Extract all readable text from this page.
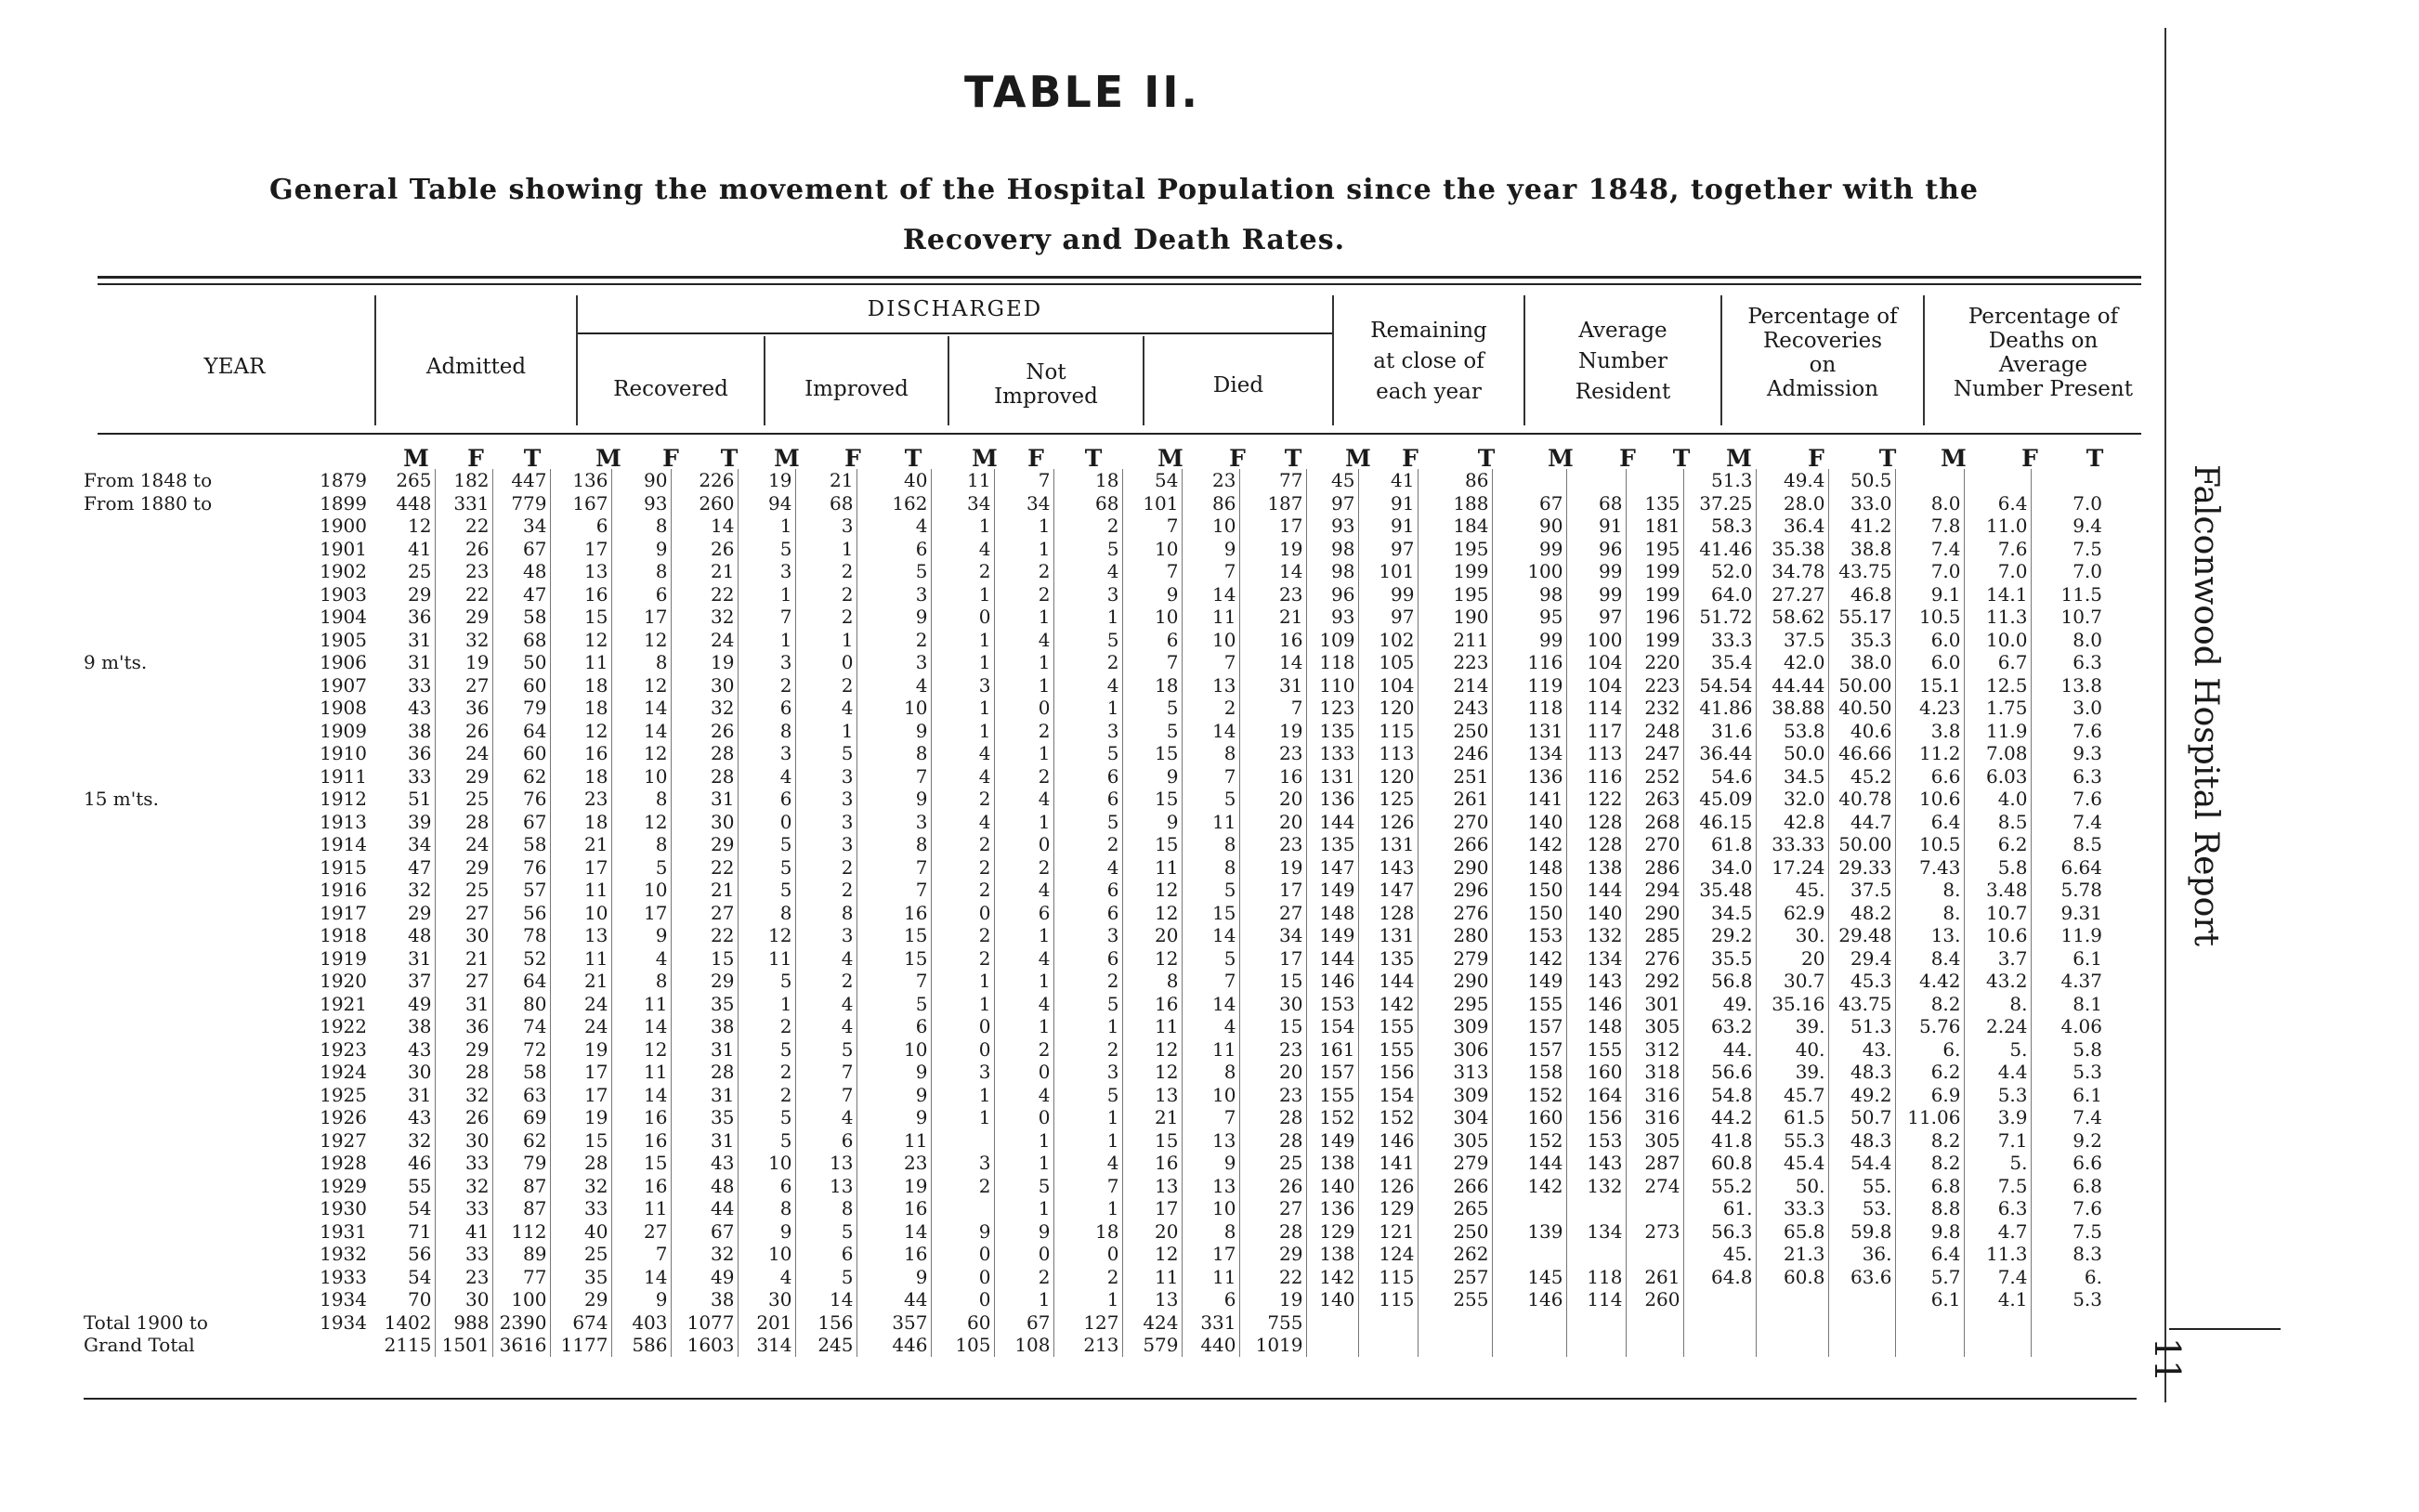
TABLE II.
General Table showing the movement of the Hospital Population since the year 1848, together with the
Recovery and Death Rates.
YEAR	Admitted
DISCHARGED
Recovered	Improved
Not
Improved	Died
Remaining
at close of
each year
Average
Number
Resident
Percentage of
Recoveries
on
Admission
Percentage of
Deaths on
Average
Number Present
M	F	T	M	F	T	M	F	T	M	F	T	M	F	T	M	F	T	M	F	T	M	F	T	M	F	T
From 1848 to 1879	265	182	447	136	90	226	19	21	40	11	7	18	54	23	77	45	41	86				51.3	49.4	50.5			

From 1880 to 1899	448	331	779	167	93	260	94	68	162	34	34	68	101	86	187	97	91	188	67	68	135	37.25	28.0	33.0	8.0	6.4	7.0

1900	12	22	34	6	8	14	1	3	4	1	1	2	7	10	17	93	91	184	90	91	181	58.3	36.4	41.2	7.8	11.0	9.4

1901	41	26	67	17	9	26	5	1	6	4	1	5	10	9	19	98	97	195	99	96	195	41.46	35.38	38.8	7.4	7.6	7.5

1902	25	23	48	13	8	21	3	2	5	2	2	4	7	7	14	98	101	199	100	99	199	52.0	34.78	43.75	7.0	7.0	7.0

1903	29	22	47	16	6	22	1	2	3	1	2	3	9	14	23	96	99	195	98	99	199	64.0	27.27	46.8	9.1	14.1	11.5

1904	36	29	58	15	17	32	7	2	9	0	1	1	10	11	21	93	97	190	95	97	196	51.72	58.62	55.17	10.5	11.3	10.7

1905	31	32	68	12	12	24	1	1	2	1	4	5	6	10	16	109	102	211	99	100	199	33.3	37.5	35.3	6.0	10.0	8.0

9 m'ts. 1906	31	19	50	11	8	19	3	0	3	1	1	2	7	7	14	118	105	223	116	104	220	35.4	42.0	38.0	6.0	6.7	6.3

1907	33	27	60	18	12	30	2	2	4	3	1	4	18	13	31	110	104	214	119	104	223	54.54	44.44	50.00	15.1	12.5	13.8

1908	43	36	79	18	14	32	6	4	10	1	0	1	5	2	7	123	120	243	118	114	232	41.86	38.88	40.50	4.23	1.75	3.0

1909	38	26	64	12	14	26	8	1	9	1	2	3	5	14	19	135	115	250	131	117	248	31.6	53.8	40.6	3.8	11.9	7.6

1910	36	24	60	16	12	28	3	5	8	4	1	5	15	8	23	133	113	246	134	113	247	36.44	50.0	46.66	11.2	7.08	9.3

1911	33	29	62	18	10	28	4	3	7	4	2	6	9	7	16	131	120	251	136	116	252	54.6	34.5	45.2	6.6	6.03	6.3

15 m'ts. 1912	51	25	76	23	8	31	6	3	9	2	4	6	15	5	20	136	125	261	141	122	263	45.09	32.0	40.78	10.6	4.0	7.6

1913	39	28	67	18	12	30	0	3	3	4	1	5	9	11	20	144	126	270	140	128	268	46.15	42.8	44.7	6.4	8.5	7.4

1914	34	24	58	21	8	29	5	3	8	2	0	2	15	8	23	135	131	266	142	128	270	61.8	33.33	50.00	10.5	6.2	8.5

1915	47	29	76	17	5	22	5	2	7	2	2	4	11	8	19	147	143	290	148	138	286	34.0	17.24	29.33	7.43	5.8	6.64

1916	32	25	57	11	10	21	5	2	7	2	4	6	12	5	17	149	147	296	150	144	294	35.48	45.	37.5	8.	3.48	5.78

1917	29	27	56	10	17	27	8	8	16	0	6	6	12	15	27	148	128	276	150	140	290	34.5	62.9	48.2	8.	10.7	9.31

1918	48	30	78	13	9	22	12	3	15	2	1	3	20	14	34	149	131	280	153	132	285	29.2	30.	29.48	13.	10.6	11.9

1919	31	21	52	11	4	15	11	4	15	2	4	6	12	5	17	144	135	279	142	134	276	35.5	20	29.4	8.4	3.7	6.1

1920	37	27	64	21	8	29	5	2	7	1	1	2	8	7	15	146	144	290	149	143	292	56.8	30.7	45.3	4.42	43.2	4.37

1921	49	31	80	24	11	35	1	4	5	1	4	5	16	14	30	153	142	295	155	146	301	49.	35.16	43.75	8.2	8.	8.1

1922	38	36	74	24	14	38	2	4	6	0	1	1	11	4	15	154	155	309	157	148	305	63.2	39.	51.3	5.76	2.24	4.06

1923	43	29	72	19	12	31	5	5	10	0	2	2	12	11	23	161	155	306	157	155	312	44.	40.	43.	6.	5.	5.8

1924	30	28	58	17	11	28	2	7	9	3	0	3	12	8	20	157	156	313	158	160	318	56.6	39.	48.3	6.2	4.4	5.3

1925	31	32	63	17	14	31	2	7	9	1	4	5	13	10	23	155	154	309	152	164	316	54.8	45.7	49.2	6.9	5.3	6.1

1926	43	26	69	19	16	35	5	4	9	1	0	1	21	7	28	152	152	304	160	156	316	44.2	61.5	50.7	11.06	3.9	7.4

1927	32	30	62	15	16	31	5	6	11		1	1	15	13	28	149	146	305	152	153	305	41.8	55.3	48.3	8.2	7.1	9.2

1928	46	33	79	28	15	43	10	13	23	3	1	4	16	9	25	138	141	279	144	143	287	60.8	45.4	54.4	8.2	5.	6.6

1929	55	32	87	32	16	48	6	13	19	2	5	7	13	13	26	140	126	266	142	132	274	55.2	50.	55.	6.8	7.5	6.8

1930	54	33	87	33	11	44	8	8	16		1	1	17	10	27	136	129	265				61.	33.3	53.	8.8	6.3	7.6

1931	71	41	112	40	27	67	9	5	14	9	9	18	20	8	28	129	121	250	139	134	273	56.3	65.8	59.8	9.8	4.7	7.5

1932	56	33	89	25	7	32	10	6	16	0	0	0	12	17	29	138	124	262				45.	21.3	36.	6.4	11.3	8.3

1933	54	23	77	35	14	49	4	5	9	0	2	2	11	11	22	142	115	257	145	118	261	64.8	60.8	63.6	5.7	7.4	6.

1934	70	30	100	29	9	38	30	14	44	0	1	1	13	6	19	140	115	255	146	114	260				6.1	4.1	5.3

Total 1900 to 1934	1402	988	2390	674	403	1077	201	156	357	60	67	127	424	331	755												

Grand Total	2115	1501	3616	1177	586	1603	314	245	446	105	108	213	579	440	1019												
Falconwood Hospital Report
11
